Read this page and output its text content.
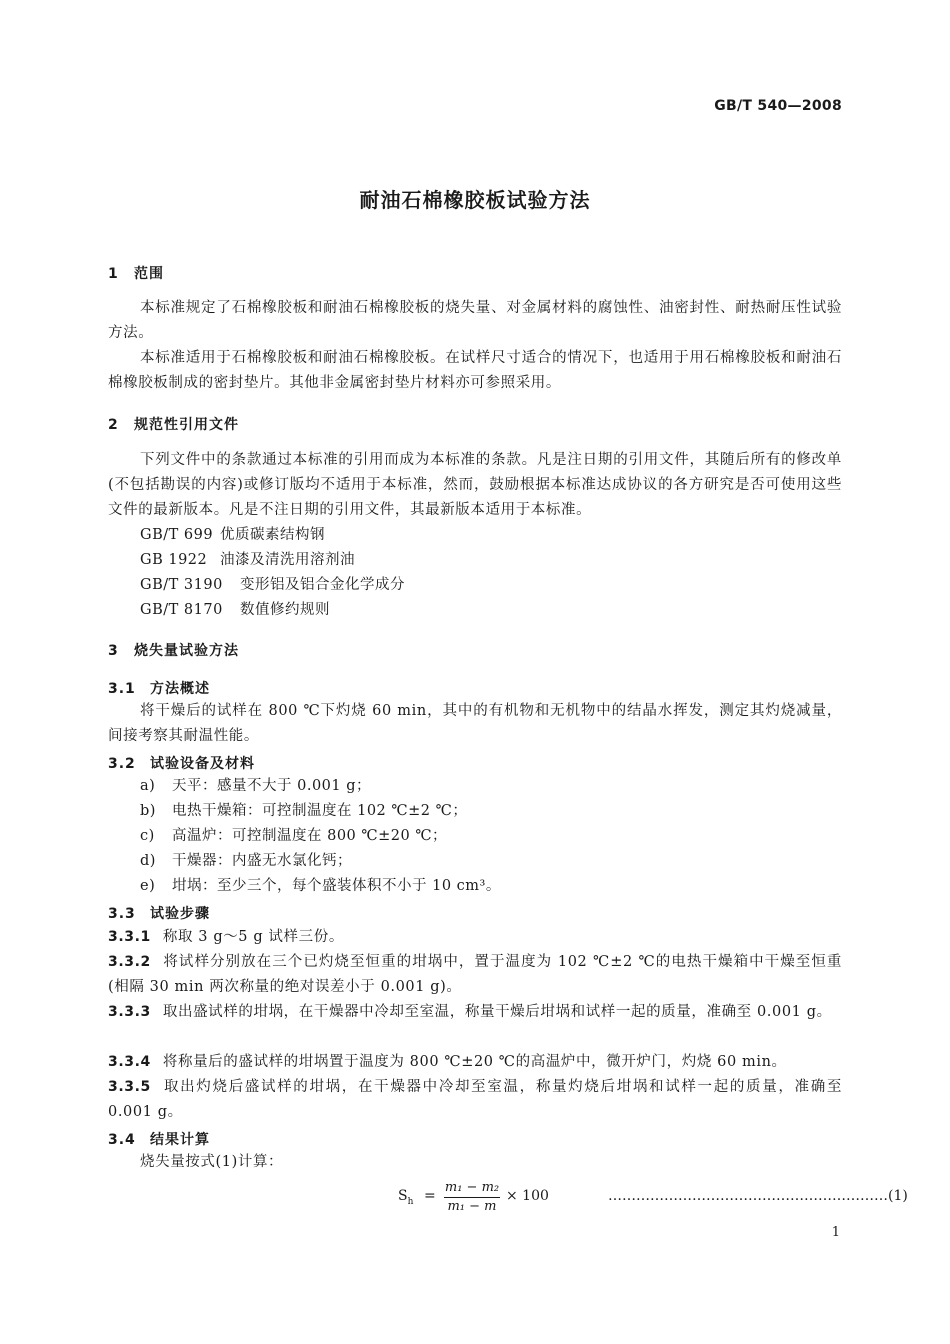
GB/T 540—2008
耐油石棉橡胶板试验方法
1 范围
本标准规定了石棉橡胶板和耐油石棉橡胶板的烧失量、对金属材料的腐蚀性、油密封性、耐热耐压性试验方法。
本标准适用于石棉橡胶板和耐油石棉橡胶板。在试样尺寸适合的情况下，也适用于用石棉橡胶板和耐油石棉橡胶板制成的密封垫片。其他非金属密封垫片材料亦可参照采用。
2 规范性引用文件
下列文件中的条款通过本标准的引用而成为本标准的条款。凡是注日期的引用文件，其随后所有的修改单(不包括勘误的内容)或修订版均不适用于本标准，然而，鼓励根据本标准达成协议的各方研究是否可使用这些文件的最新版本。凡是不注日期的引用文件，其最新版本适用于本标准。
GB/T 699 优质碳素结构钢
GB 1922 油漆及清洗用溶剂油
GB/T 3190 变形铝及铝合金化学成分
GB/T 8170 数值修约规则
3 烧失量试验方法
3.1 方法概述
将干燥后的试样在 800 ℃下灼烧 60 min，其中的有机物和无机物中的结晶水挥发，测定其灼烧减量，间接考察其耐温性能。
3.2 试验设备及材料
a) 天平：感量不大于 0.001 g；
b) 电热干燥箱：可控制温度在 102 ℃±2 ℃；
c) 高温炉：可控制温度在 800 ℃±20 ℃；
d) 干燥器：内盛无水氯化钙；
e) 坩埚：至少三个，每个盛装体积不小于 10 cm³。
3.3 试验步骤
3.3.1 称取 3 g～5 g 试样三份。
3.3.2 将试样分别放在三个已灼烧至恒重的坩埚中，置于温度为 102 ℃±2 ℃的电热干燥箱中干燥至恒重(相隔 30 min 两次称量的绝对误差小于 0.001 g)。
3.3.3 取出盛试样的坩埚，在干燥器中冷却至室温，称量干燥后坩埚和试样一起的质量，准确至 0.001 g。
3.3.4 将称量后的盛试样的坩埚置于温度为 800 ℃±20 ℃的高温炉中，微开炉门，灼烧 60 min。
3.3.5 取出灼烧后盛试样的坩埚，在干燥器中冷却至室温，称量灼烧后坩埚和试样一起的质量，准确至 0.001 g。
3.4 结果计算
烧失量按式(1)计算：
$S_h$ =
m₁ − m₂
m₁ − m
× 100	……………………………………………………(1)
1
